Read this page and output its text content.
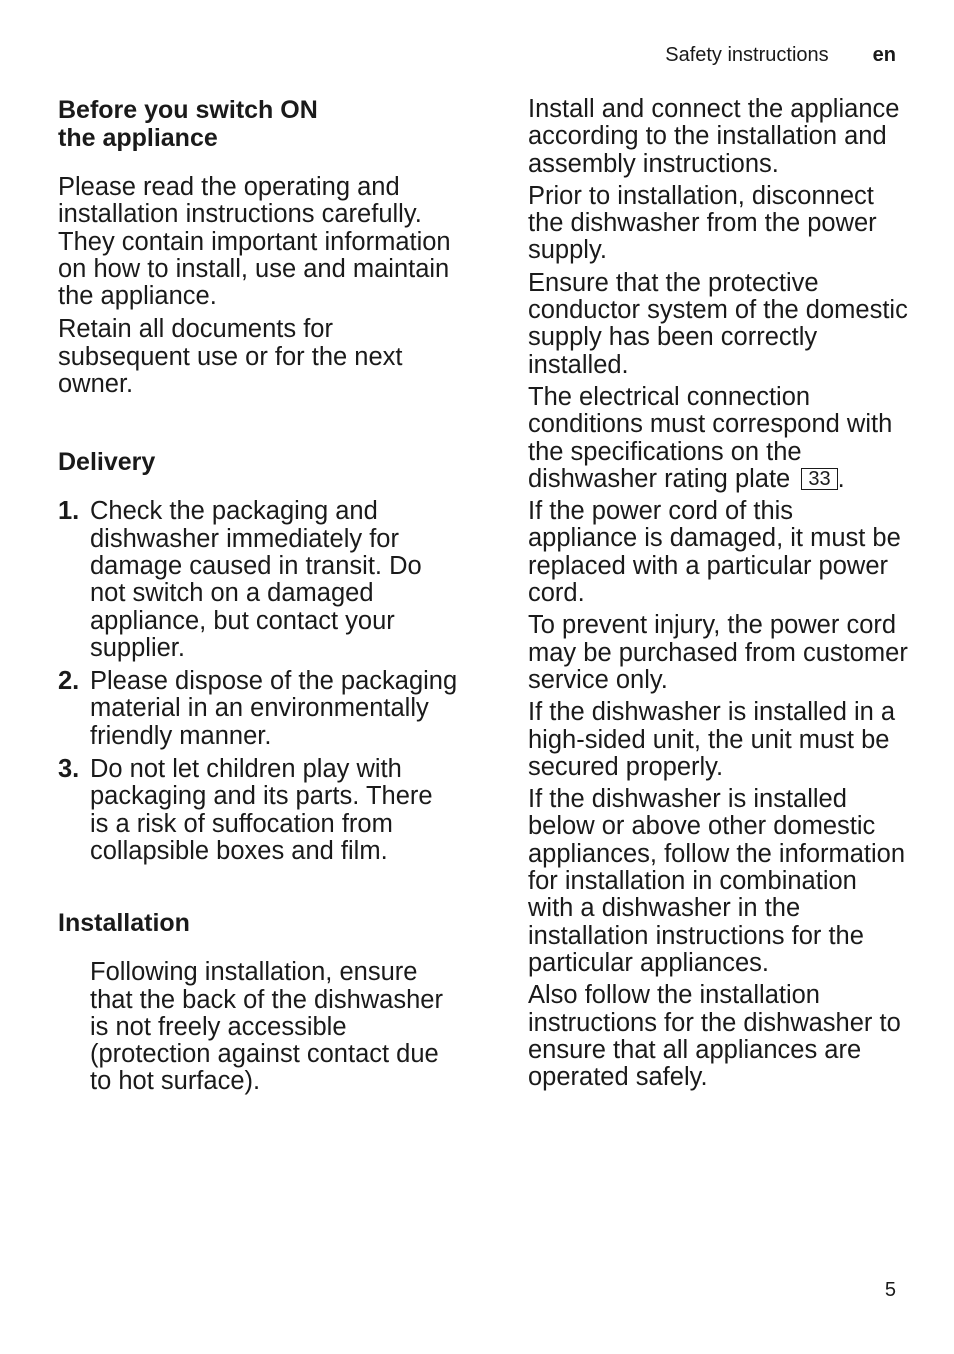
Safety instructions en
Before you switch ON
the appliance

Please read the operating and installation instructions carefully. They contain important information on how to install, use and maintain the appliance.

Retain all documents for subsequent use or for the next owner.

Delivery
1. Check the packaging and dishwasher immediately for damage caused in transit. Do not switch on a damaged appliance, but contact your supplier.
2. Please dispose of the packaging material in an environmentally friendly manner.
3. Do not let children play with packaging and its parts. There is a risk of suffocation from collapsible boxes and film.
Installation

Following installation, ensure that the back of the dishwasher is not freely accessible (protection against contact due to hot surface).

Install and connect the appliance according to the installation and assembly instructions.

Prior to installation, disconnect the dishwasher from the power supply.

Ensure that the protective conductor system of the domestic supply has been correctly installed.

The electrical connection conditions must correspond with the specifications on the dishwasher rating plate 33 .

If the power cord of this appliance is damaged, it must be replaced with a particular power cord.

To prevent injury, the power cord may be purchased from customer service only.

If the dishwasher is installed in a high-sided unit, the unit must be secured properly.

If the dishwasher is installed below or above other domestic appliances, follow the information for installation in combination with a dishwasher in the installation instructions for the particular appliances.

Also follow the installation instructions for the dishwasher to ensure that all appliances are operated safely.

5
